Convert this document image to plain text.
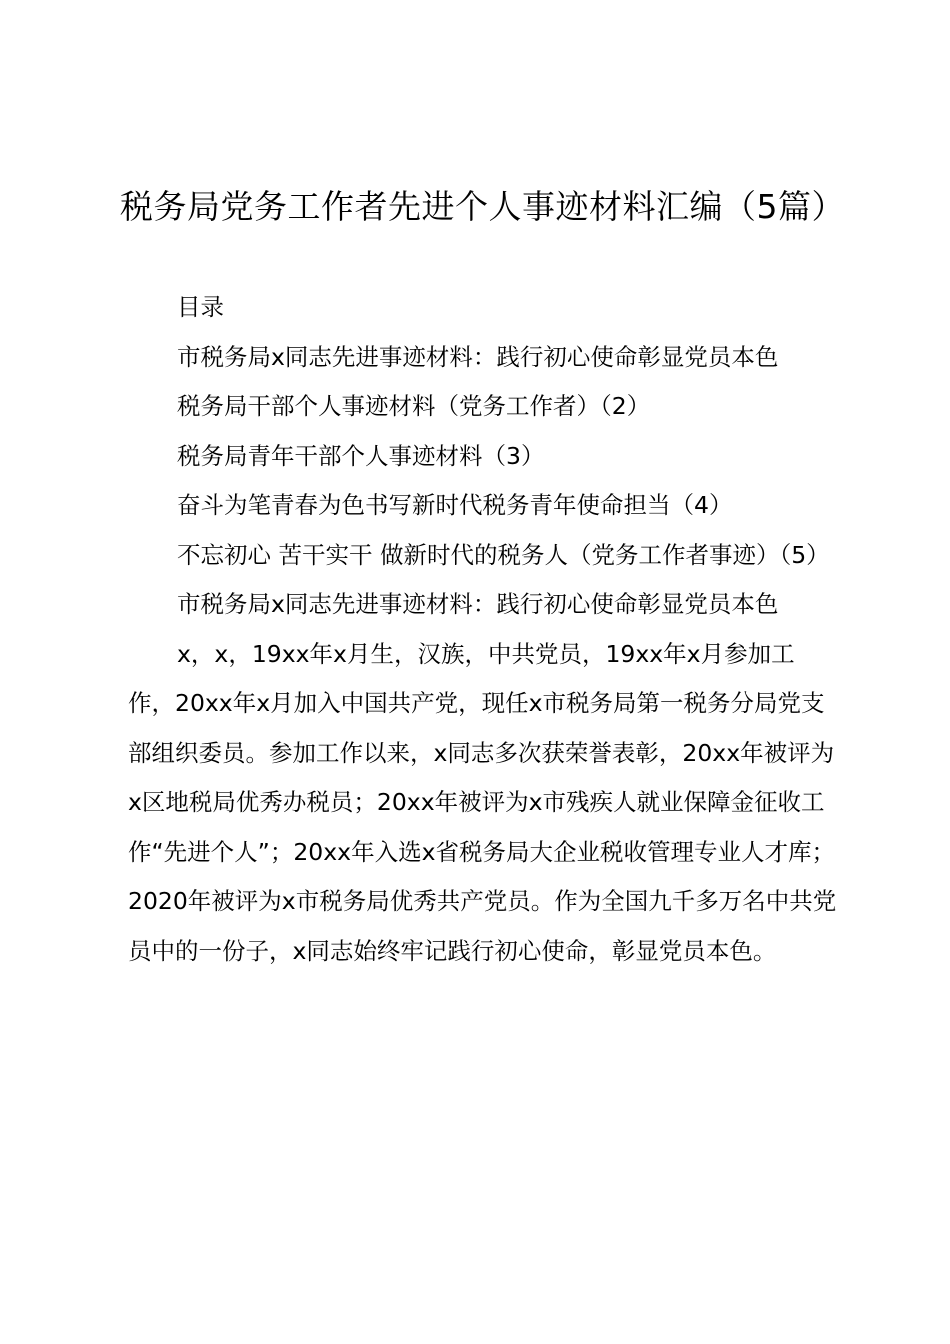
税务局党务工作者先进个人事迹材料汇编（5篇）

目录

市税务局x同志先进事迹材料：践行初心使命彰显党员本色

税务局干部个人事迹材料（党务工作者）（2）

税务局青年干部个人事迹材料（3）

奋斗为笔青春为色书写新时代税务青年使命担当（4）

不忘初心 苦干实干 做新时代的税务人（党务工作者事迹）（5）

市税务局x同志先进事迹材料：践行初心使命彰显党员本色

x，x，19xx年x月生，汉族，中共党员，19xx年x月参加工作，20xx年x月加入中国共产党，现任x市税务局第一税务分局党支部组织委员。参加工作以来，x同志多次获荣誉表彰，20xx年被评为x区地税局优秀办税员；20xx年被评为x市残疾人就业保障金征收工作“先进个人”；20xx年入选x省税务局大企业税收管理专业人才库；2020年被评为x市税务局优秀共产党员。作为全国九千多万名中共党员中的一份子，x同志始终牢记践行初心使命，彰显党员本色。
